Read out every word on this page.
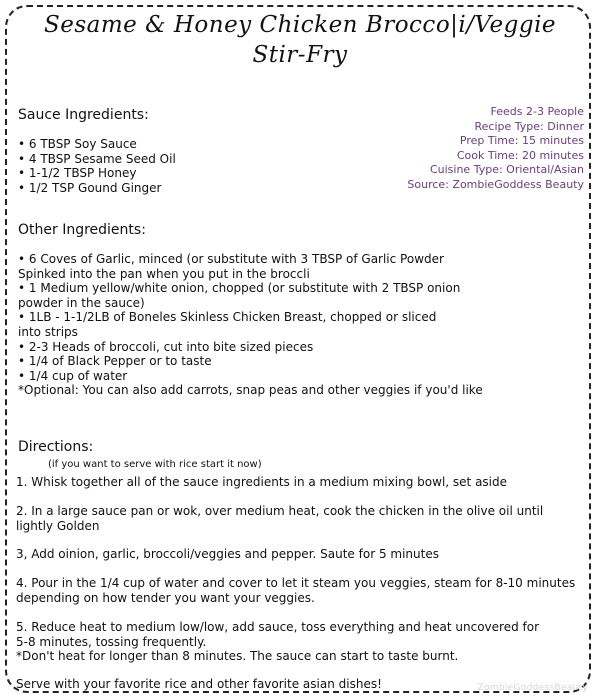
Sesame & Honey Chicken Brocco|i/Veggie
Stir-Fry
Feeds 2-3 People
Recipe Type: Dinner
Prep Time: 15 minutes
Cook Time: 20 minutes
Cuisine Type: Oriental/Asian
Source: ZombieGoddess Beauty
Sauce Ingredients:
• 6 TBSP Soy Sauce
• 4 TBSP Sesame Seed Oil
• 1-1/2 TBSP Honey
• 1/2 TSP Gound Ginger
Other Ingredients:
• 6 Coves of Garlic, minced (or substitute with 3 TBSP of Garlic Powder
Spinked into the pan when you put in the broccli
• 1 Medium yellow/white onion, chopped (or substitute with 2 TBSP onion
powder in the sauce)
• 1LB - 1-1/2LB of Boneles Skinless Chicken Breast, chopped or sliced
into strips
• 2-3 Heads of broccoli, cut into bite sized pieces
• 1/4 of Black Pepper or to taste
• 1/4 cup of water
*Optional: You can also add carrots, snap peas and other veggies if you'd like
Directions:
(if you want to serve with rice start it now)
1. Whisk together all of the sauce ingredients in a medium mixing bowl, set aside
2. In a large sauce pan or wok, over medium heat, cook the chicken in the olive oil until
lightly Golden
3, Add oinion, garlic, broccoli/veggies and pepper. Saute for 5 minutes
4. Pour in the 1/4 cup of water and cover to let it steam you veggies, steam for 8-10 minutes
depending on how tender you want your veggies.
5. Reduce heat to medium low/low, add sauce, toss everything and heat uncovered for
5-8 minutes, tossing frequently.
*Don't heat for longer than 8 minutes. The sauce can start to taste burnt.
Serve with your favorite rice and other favorite asian dishes!	ZombieGoddessBeauty
